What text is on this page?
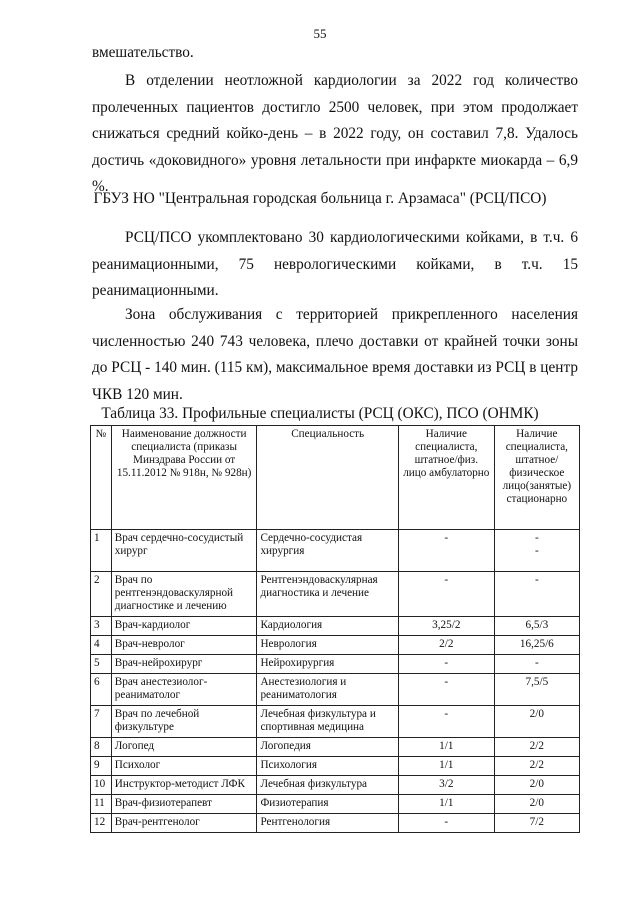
55
вмешательство.
В отделении неотложной кардиологии за 2022 год количество пролеченных пациентов достигло 2500 человек, при этом продолжает снижаться средний койко-день – в 2022 году, он составил 7,8. Удалось достичь «доковидного» уровня летальности при инфаркте миокарда – 6,9 %.
ГБУЗ НО "Центральная городская больница г. Арзамаса" (РСЦ/ПСО)
РСЦ/ПСО укомплектовано 30 кардиологическими койками, в т.ч. 6 реанимационными, 75 неврологическими койками, в т.ч. 15 реанимационными.
Зона обслуживания с территорией прикрепленного населения численностью 240 743 человека, плечо доставки от крайней точки зоны до РСЦ - 140 мин. (115 км), максимальное время доставки из РСЦ в центр ЧКВ 120 мин.
Таблица 33. Профильные специалисты (РСЦ (ОКС), ПСО (ОНМК)
№	Наименование должности специалиста (приказы Минздрава России от 15.11.2012 № 918н, № 928н)	Специальность	Наличие специалиста, штатное/физ. лицо амбулаторно	Наличие специалиста, штатное/физическое лицо(занятые) стационарно
1	Врач сердечно-сосудистый хирург	Сердечно-сосудистая хирургия	-	-
-

2	Врач по рентгенэндоваскулярной диагностике и лечению	Рентгенэндоваскулярная диагностика и лечение	-	-
3	Врач-кардиолог	Кардиология	3,25/2	6,5/3
4	Врач-невролог	Неврология	2/2	16,25/6
5	Врач-нейрохирург	Нейрохирургия	-	-
6	Врач анестезиолог-реаниматолог	Анестезиология и реаниматология	-	7,5/5
7	Врач по лечебной физкультуре	Лечебная физкультура и спортивная медицина	-	2/0
8	Логопед	Логопедия	1/1	2/2
9	Психолог	Психология	1/1	2/2
10	Инструктор-методист ЛФК	Лечебная физкультура	3/2	2/0
11	Врач-физиотерапевт	Физиотерапия	1/1	2/0
12	Врач-рентгенолог	Рентгенология	-	7/2
